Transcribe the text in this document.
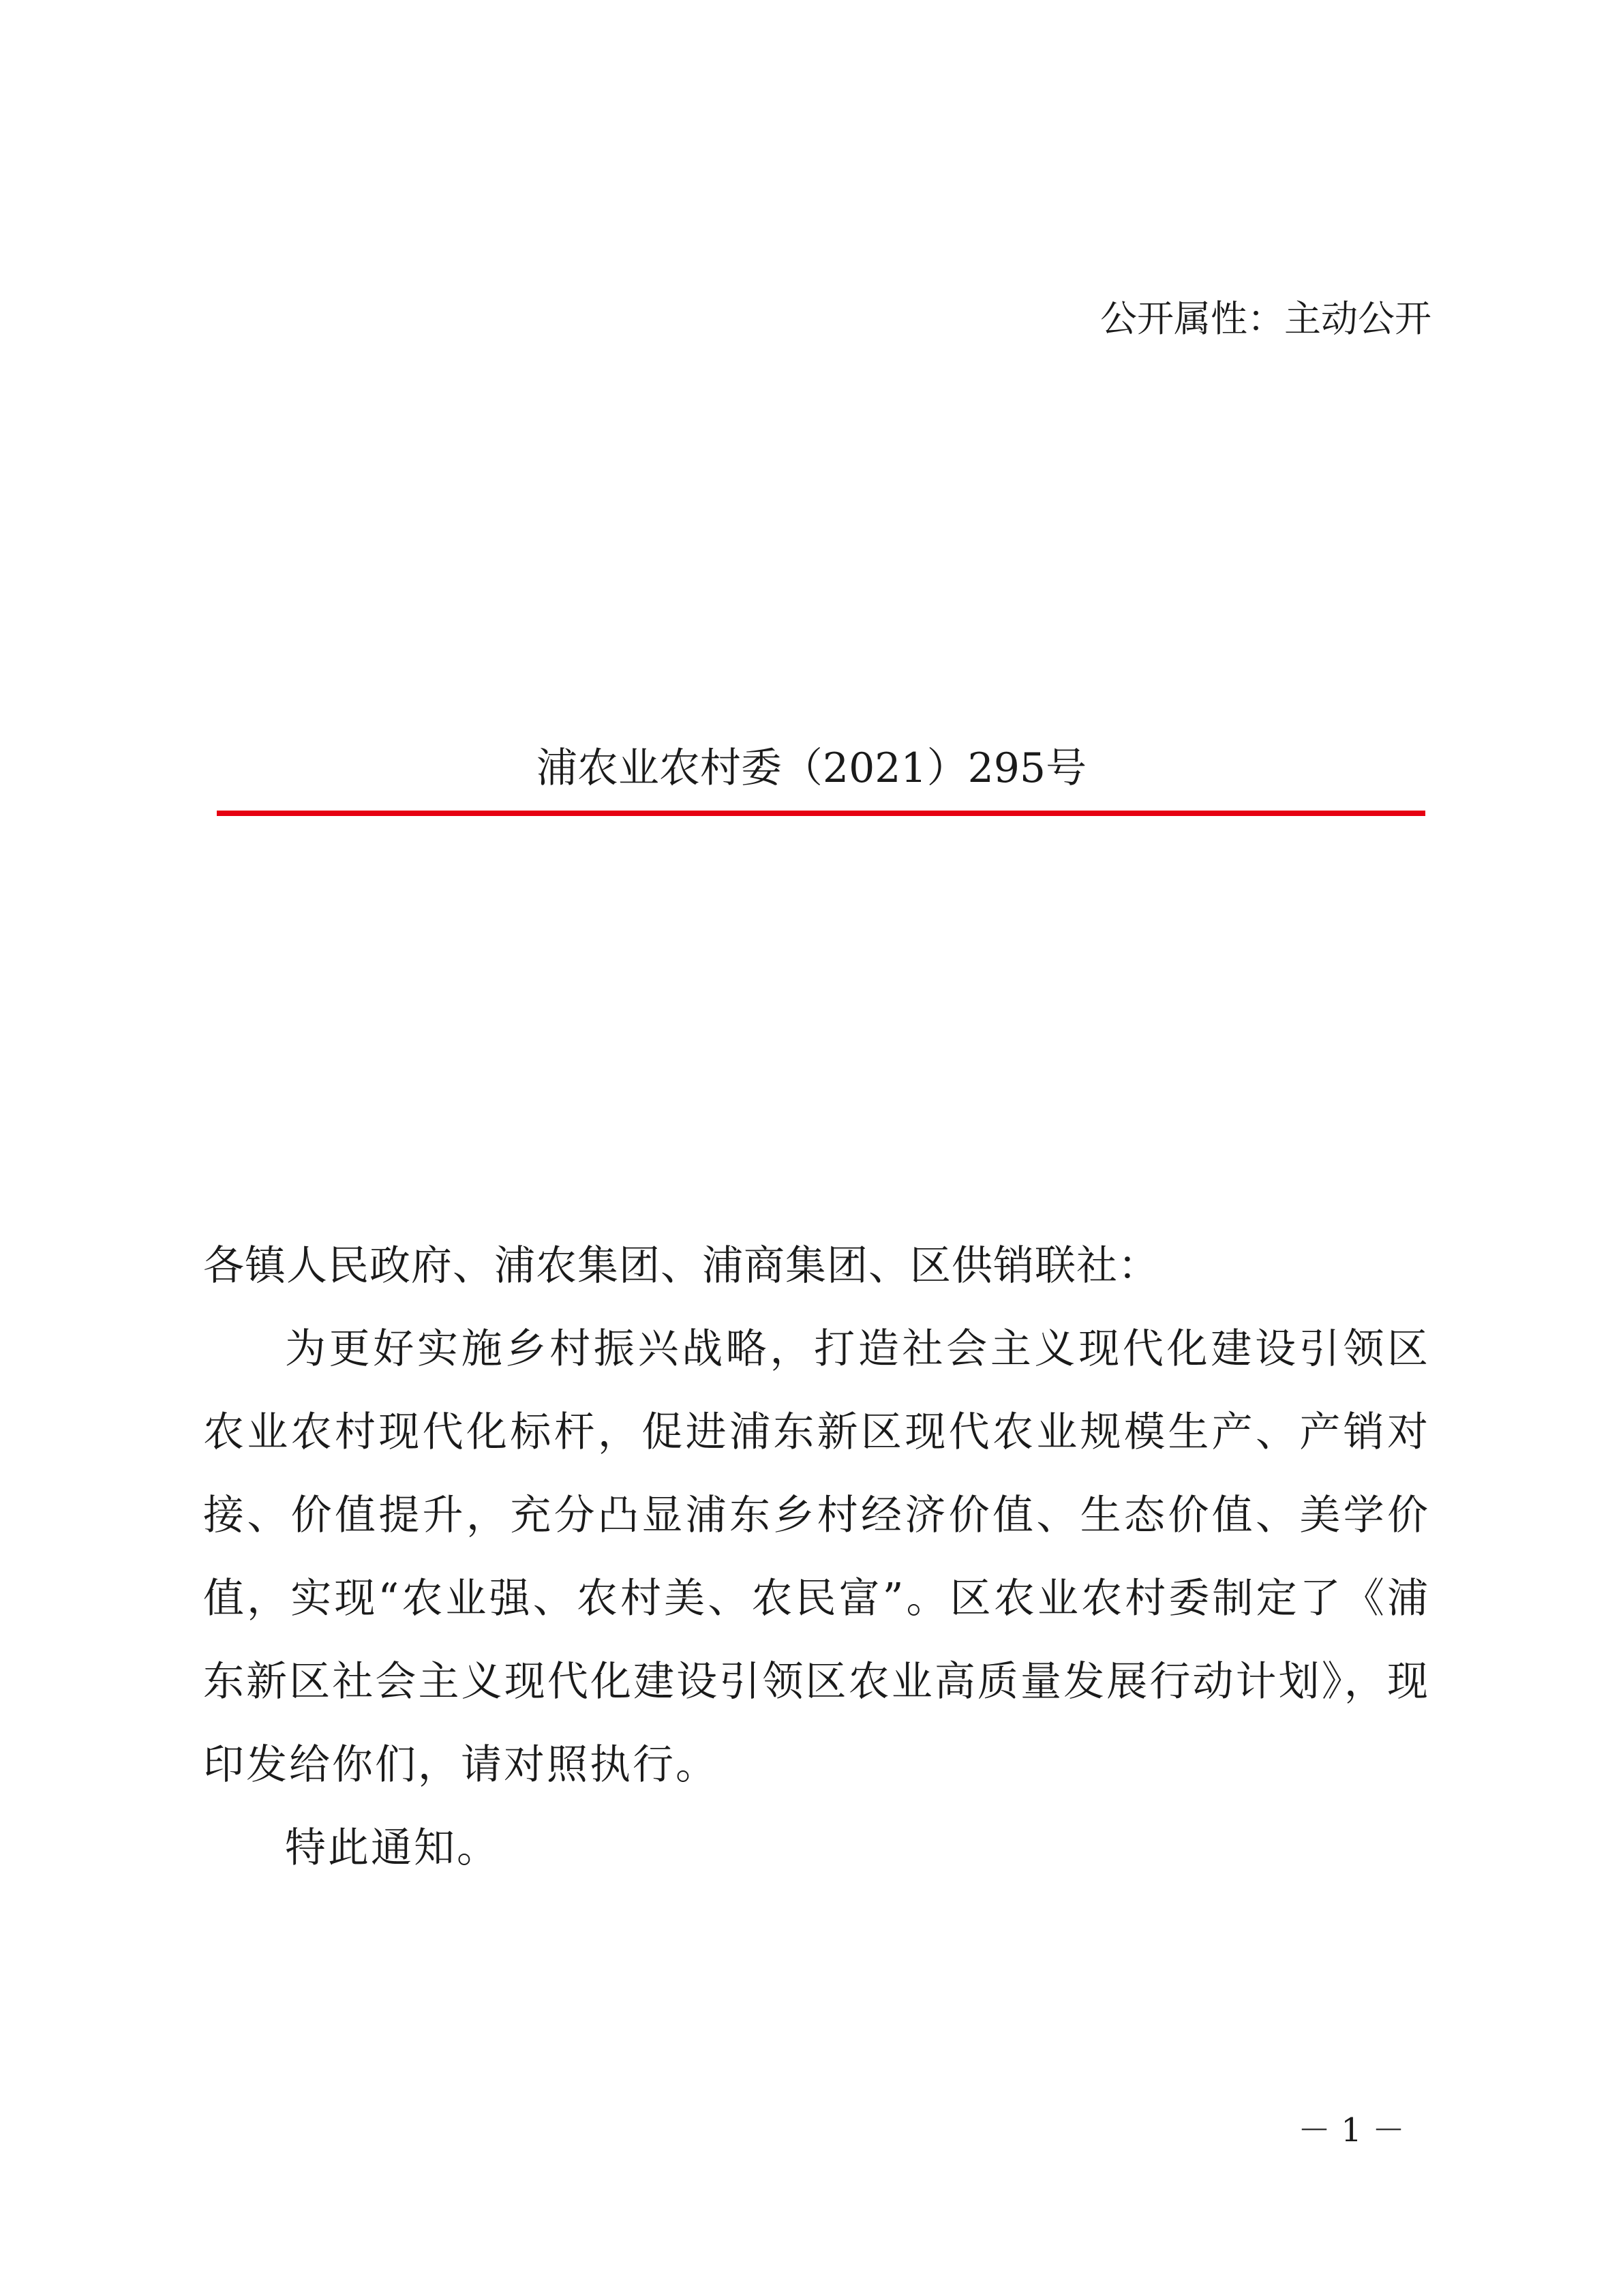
公开属性：主动公开
浦农业农村委（2021）295号

各镇人民政府、浦农集团、浦商集团、区供销联社：

为更好实施乡村振兴战略，打造社会主义现代化建设引领区农业农村现代化标杆，促进浦东新区现代农业规模生产、产销对接、价值提升，充分凸显浦东乡村经济价值、生态价值、美学价值，实现“农业强、农村美、农民富”。区农业农村委制定了《浦东新区社会主义现代化建设引领区农业高质量发展行动计划》，现印发给你们，请对照执行。

特此通知。

－ 1 －
